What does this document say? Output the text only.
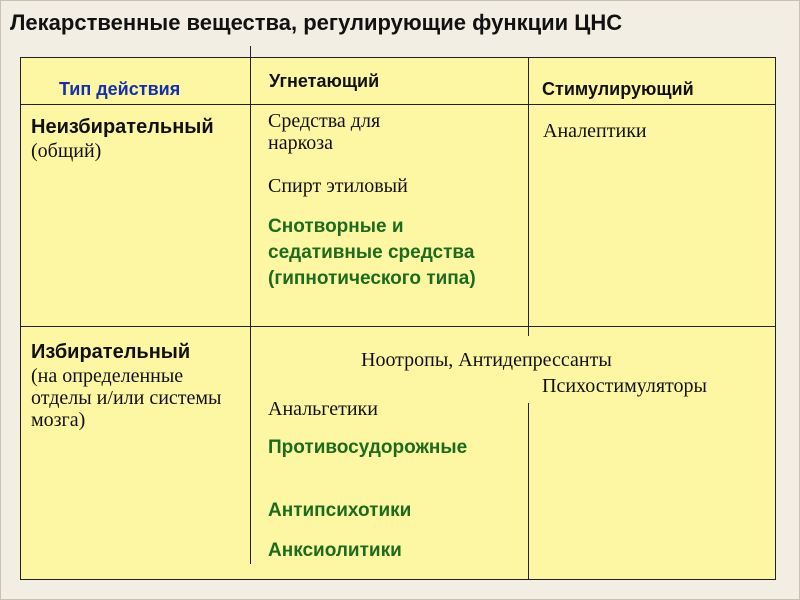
Лекарственные вещества, регулирующие функции ЦНС
Тип действия	Угнетающий	Стимулирующий
Неизбирательный
(общий)
Средства для наркоза
Спирт этиловый
Снотворные и седативные средства (гипнотического типа)
Аналептики
Избирательный
(на определенные отделы и/или системы мозга)
Ноотропы, Антидепрессанты
Психостимуляторы
Анальгетики
Противосудорожные
Антипсихотики
Анксиолитики
